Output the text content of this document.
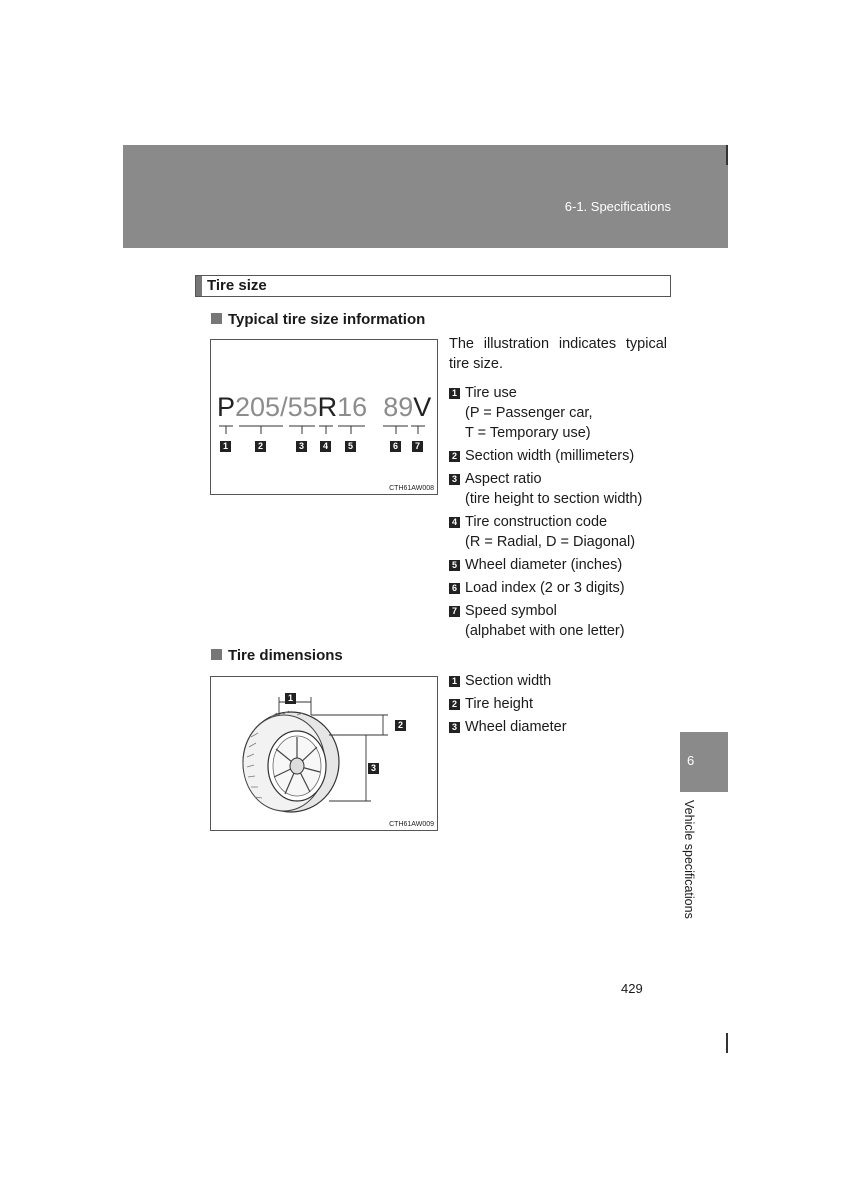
6-1. Specifications
Tire size
Typical tire size information
P205/55R16 89V
1	2	3	4	5	6	7
CTH61AW008
The illustration indicates typical tire size.
1 Tire use
(P = Passenger car,
T = Temporary use)
2 Section width (millimeters)
3 Aspect ratio
(tire height to section width)
4 Tire construction code
(R = Radial, D = Diagonal)
5 Wheel diameter (inches)
6 Load index (2 or 3 digits)
7 Speed symbol
(alphabet with one letter)
Tire dimensions
1
2
3
CTH61AW009
1 Section width
2 Tire height
3 Wheel diameter
6
Vehicle specifications
429
